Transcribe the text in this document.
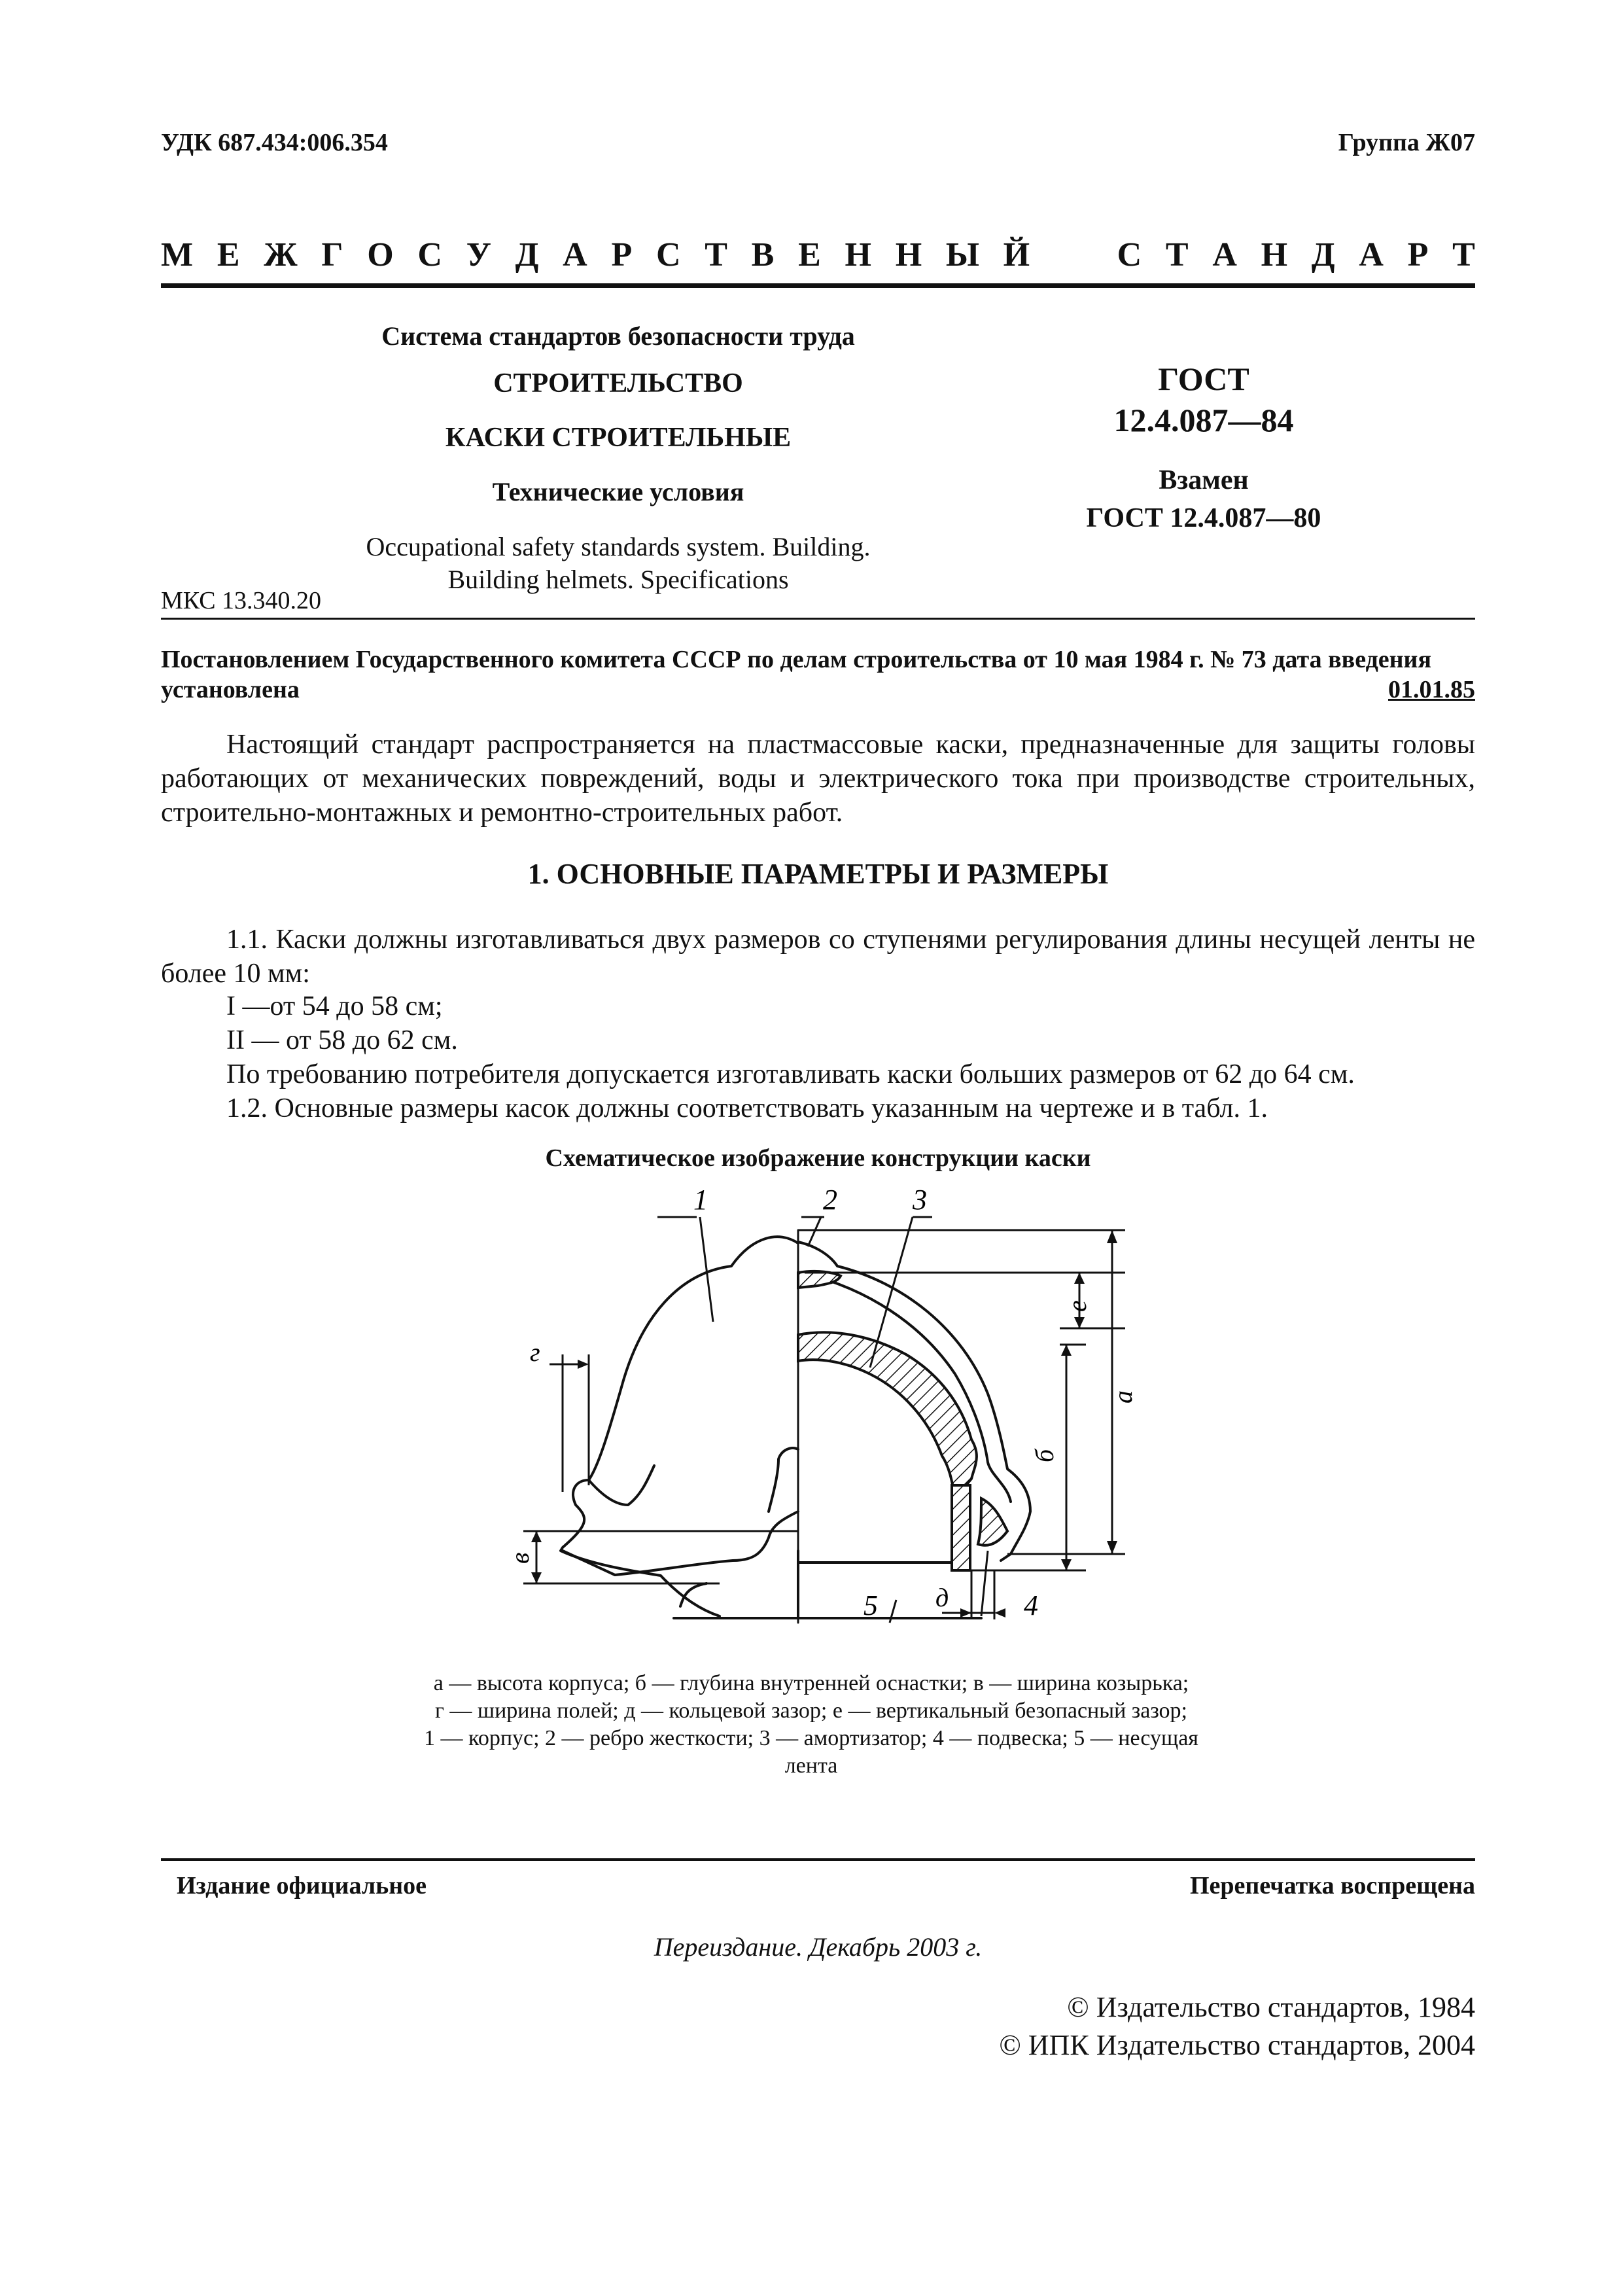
УДК 687.434:006.354	Группа Ж07
М Е Ж Г О С У Д А Р С Т В Е Н Н Ы Й	С Т А Н Д А Р Т
Система стандартов безопасности труда
СТРОИТЕЛЬСТВО
КАСКИ СТРОИТЕЛЬНЫЕ
Технические условия
Occupational safety standards system. Building.
Building helmets. Specifications
ГОСТ
12.4.087—84
Взамен
ГОСТ 12.4.087—80
МКС 13.340.20
Постановлением Государственного комитета СССР по делам строительства от 10 мая 1984 г. № 73 дата введения установлена	01.01.85
Настоящий стандарт распространяется на пластмассовые каски, предназначенные для защиты головы работающих от механических повреждений, воды и электрического тока при производстве строительных, строительно-монтажных и ремонтно-строительных работ.
1. ОСНОВНЫЕ ПАРАМЕТРЫ И РАЗМЕРЫ
1.1. Каски должны изготавливаться двух размеров со ступенями регулирования длины несущей ленты не более 10 мм:
I —от 54 до 58 см;
II — от 58 до 62 см.
По требованию потребителя допускается изготавливать каски больших размеров от 62 до 64 см.
1.2. Основные размеры касок должны соответствовать указанным на чертеже и в табл. 1.
Схематическое изображение конструкции каски
1	2	3
4
5
а
е
б
в
г
д
а — высота корпуса; б — глубина внутренней оснастки; в — ширина козырька;
г — ширина полей; д — кольцевой зазор; е — вертикальный безопасный зазор;
1 — корпус; 2 — ребро жесткости; 3 — амортизатор; 4 — подвеска; 5 — несущая
лента
Издание официальное	Перепечатка воспрещена
Переиздание. Декабрь 2003 г.
© Издательство стандартов, 1984
© ИПК Издательство стандартов, 2004
